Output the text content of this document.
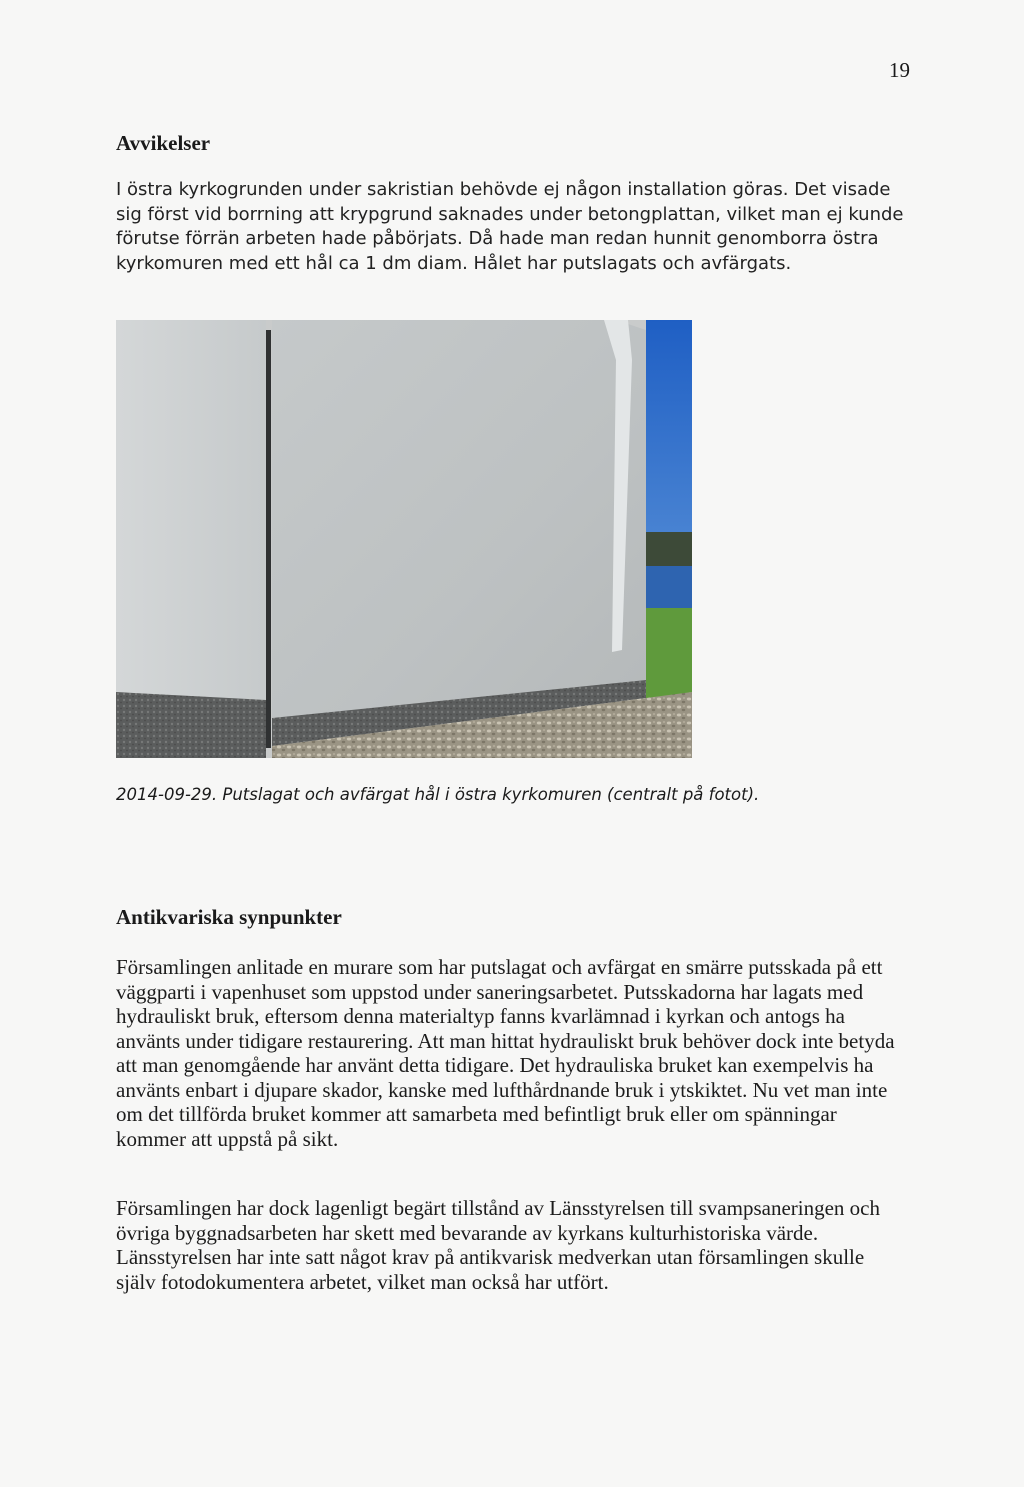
19
Avvikelser

I östra kyrkogrunden under sakristian behövde ej någon installation göras. Det visade sig först vid borrning att krypgrund saknades under betongplattan, vilket man ej kunde förutse förrän arbeten hade påbörjats. Då hade man redan hunnit genomborra östra kyrkomuren med ett hål ca 1 dm diam. Hålet har putslagats och avfärgats.

2014-09-29. Putslagat och avfärgat hål i östra kyrkomuren (centralt på fotot).

Antikvariska synpunkter

Församlingen anlitade en murare som har putslagat och avfärgat en smärre putsskada på ett väggparti i vapenhuset som uppstod under saneringsarbetet. Putsskadorna har lagats med hydrauliskt bruk, eftersom denna materialtyp fanns kvarlämnad i kyrkan och antogs ha använts under tidigare restaurering. Att man hittat hydrauliskt bruk behöver dock inte betyda att man genomgående har använt detta tidigare. Det hydrauliska bruket kan exempelvis ha använts enbart i djupare skador, kanske med lufthårdnande bruk i ytskiktet. Nu vet man inte om det tillförda bruket kommer att samarbeta med befintligt bruk eller om spänningar kommer att uppstå på sikt.

Församlingen har dock lagenligt begärt tillstånd av Länsstyrelsen till svampsaneringen och övriga byggnadsarbeten har skett med bevarande av kyrkans kulturhistoriska värde. Länsstyrelsen har inte satt något krav på antikvarisk medverkan utan församlingen skulle själv fotodokumentera arbetet, vilket man också har utfört.
